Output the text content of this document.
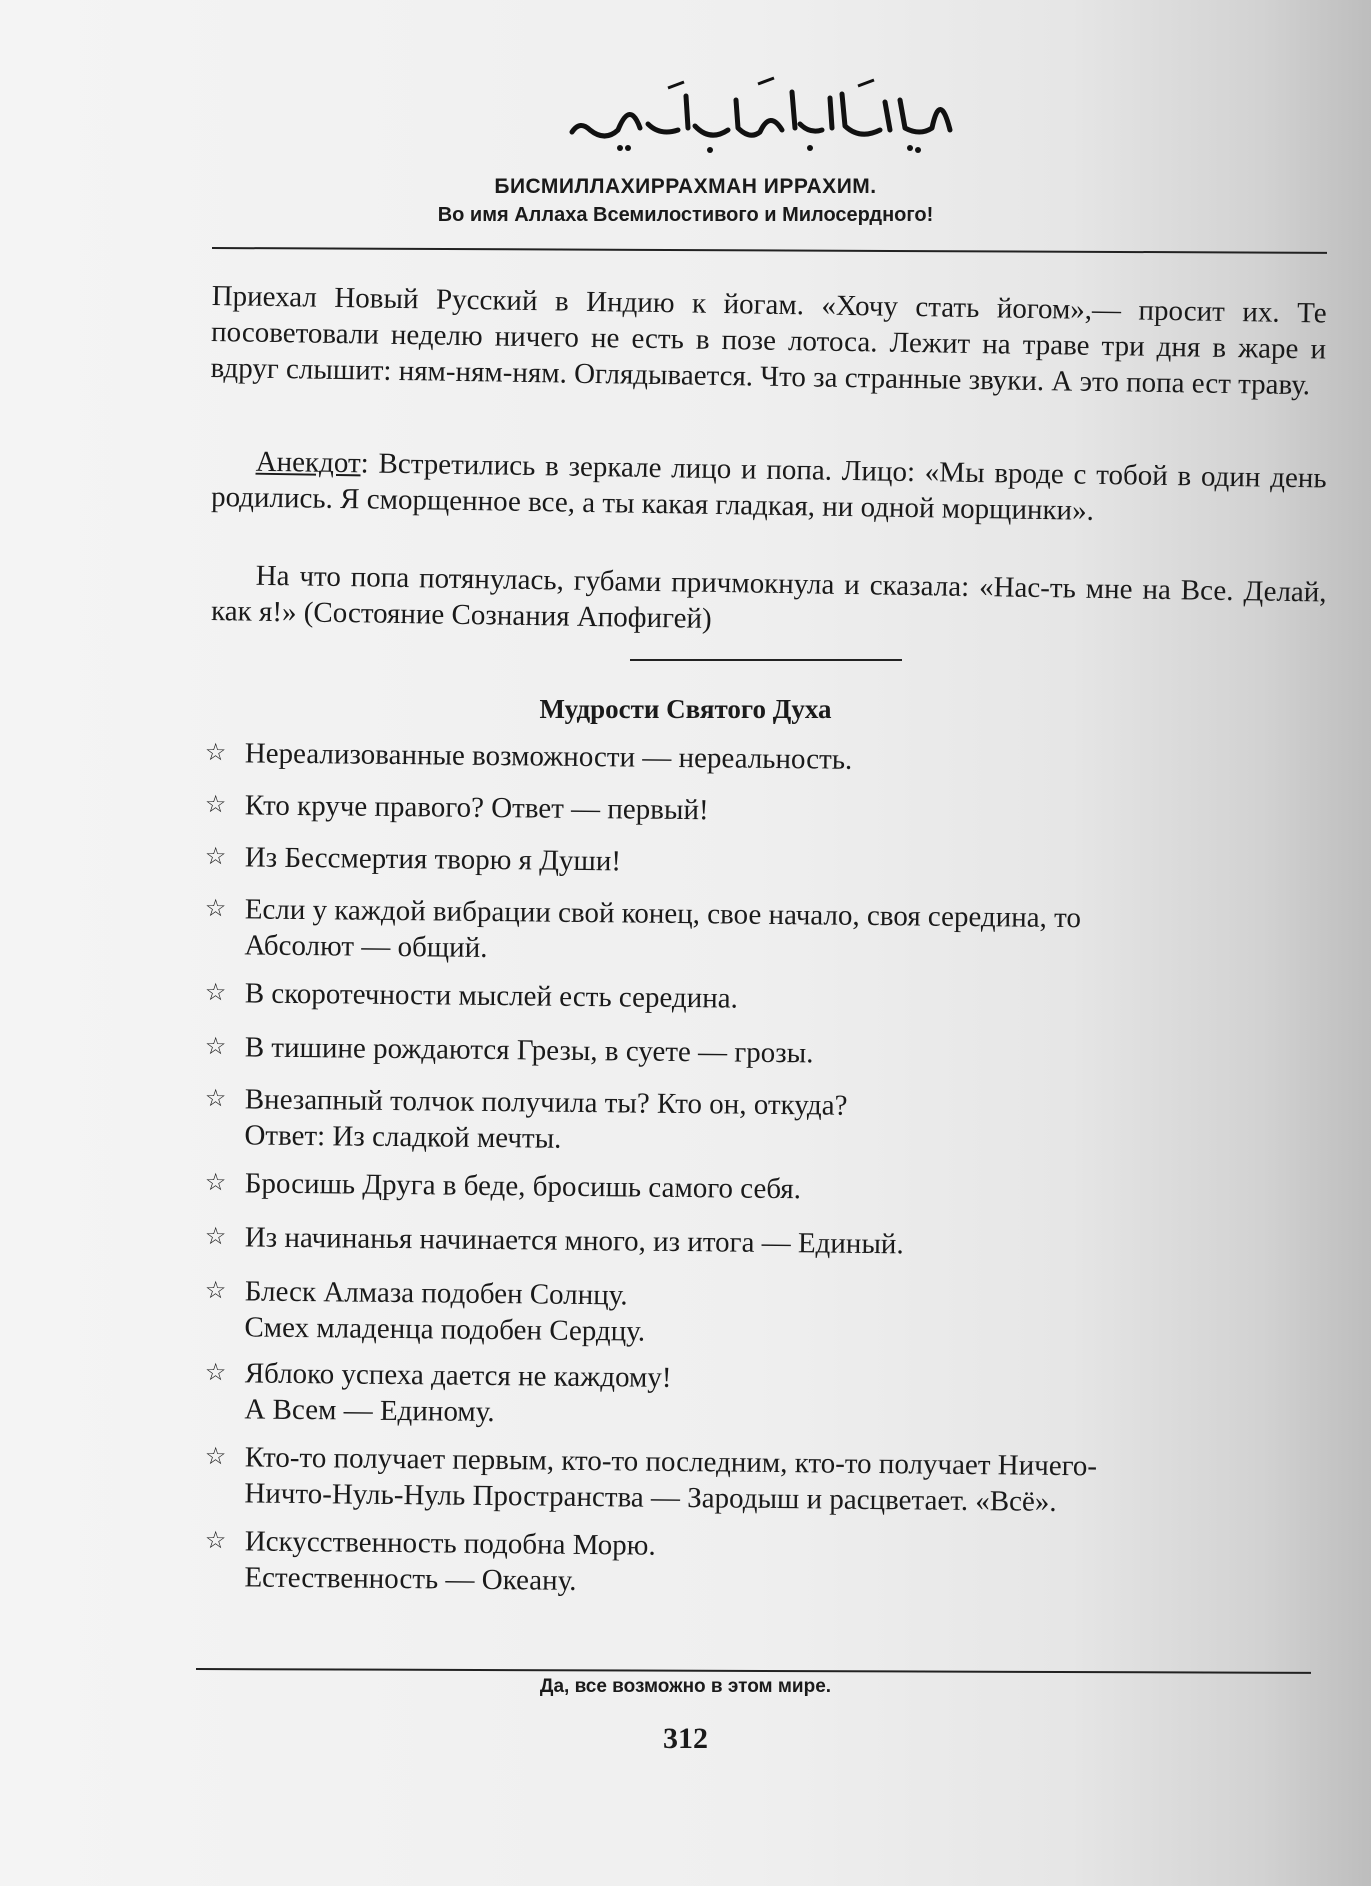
БИСМИЛЛАХИРРАХМАН ИРРАХИМ.
Во имя Аллаха Всемилостивого и Милосердного!
Приехал Новый Русский в Индию к йогам. «Хочу стать йогом»,— просит их. Те посоветовали неделю ничего не есть в позе лотоса. Лежит на траве три дня в жаре и вдруг слышит: ням-ням-ням. Оглядывается. Что за странные звуки. А это попа ест траву.
Анекдот: Встретились в зеркале лицо и попа. Лицо: «Мы вроде с тобой в один день родились. Я сморщенное все, а ты какая гладкая, ни одной морщинки».
На что попа потянулась, губами причмокнула и сказала: «Нас-ть мне на Все. Делай, как я!» (Состояние Сознания Апофигей)
Мудрости Святого Духа
☆ Нереализованные возможности — нереальность.
☆ Кто круче правого? Ответ — первый!
☆ Из Бессмертия творю я Души!
☆ Если у каждой вибрации свой конец, свое начало, своя середина, то
Абсолют — общий.
☆ В скоротечности мыслей есть середина.
☆ В тишине рождаются Грезы, в суете — грозы.
☆ Внезапный толчок получила ты? Кто он, откуда?
Ответ: Из сладкой мечты.
☆ Бросишь Друга в беде, бросишь самого себя.
☆ Из начинанья начинается много, из итога — Единый.
☆ Блеск Алмаза подобен Солнцу.
Смех младенца подобен Сердцу.
☆ Яблоко успеха дается не каждому!
А Всем — Единому.
☆ Кто-то получает первым, кто-то последним, кто-то получает Ничего-
Ничто-Нуль-Нуль Пространства — Зародыш и расцветает. «Всё».
☆ Искусственность подобна Морю.
Естественность — Океану.
Да, все возможно в этом мире.
312
